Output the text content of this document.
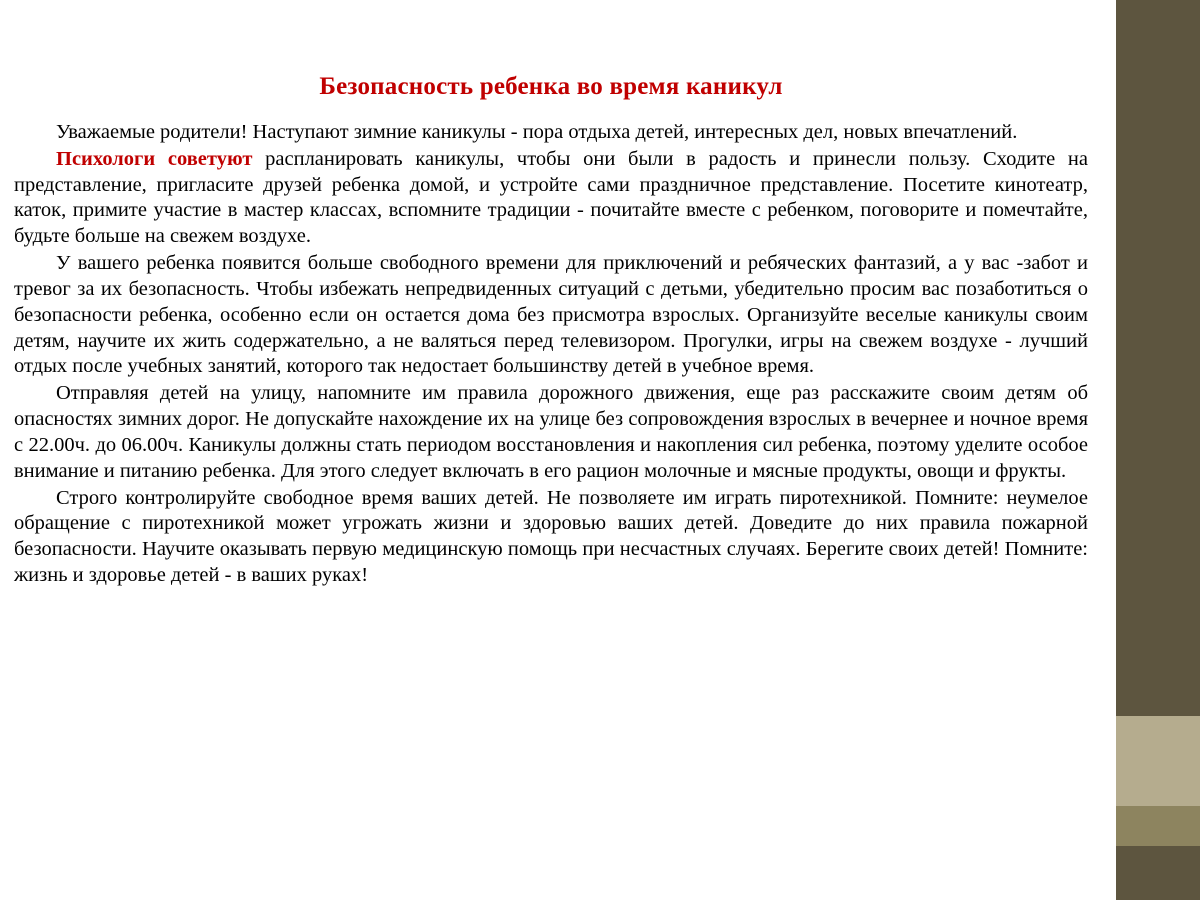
Безопасность ребенка во время каникул

Уважаемые родители! Наступают зимние каникулы - пора отдыха детей, интересных дел, новых впечатлений.

Психологи советуют распланировать каникулы, чтобы они были в радость и принесли пользу. Сходите на представление, пригласите друзей ребенка домой, и устройте сами праздничное представление. Посетите кинотеатр, каток, примите участие в мастер классах, вспомните традиции - почитайте вместе с ребенком, поговорите и помечтайте, будьте больше на свежем воздухе.

У вашего ребенка появится больше свободного времени для приключений и ребяческих фантазий, а у вас -забот и тревог за их безопасность. Чтобы избежать непредвиденных ситуаций с детьми, убедительно просим вас позаботиться о безопасности ребенка, особенно если он остается дома без присмотра взрослых. Организуйте веселые каникулы своим детям, научите их жить содержательно, а не валяться перед телевизором. Прогулки, игры на свежем воздухе - лучший отдых после учебных занятий, которого так недостает большинству детей в учебное время.

Отправляя детей на улицу, напомните им правила дорожного движения, еще раз расскажите своим детям об опасностях зимних дорог. Не допускайте нахождение их на улице без сопровождения взрослых в вечернее и ночное время с 22.00ч. до 06.00ч. Каникулы должны стать периодом восстановления и накопления сил ребенка, поэтому уделите особое внимание и питанию ребенка. Для этого следует включать в его рацион молочные и мясные продукты, овощи и фрукты.

Строго контролируйте свободное время ваших детей. Не позволяете им играть пиротехникой. Помните: неумелое обращение с пиротехникой может угрожать жизни и здоровью ваших детей. Доведите до них правила пожарной безопасности. Научите оказывать первую медицинскую помощь при несчастных случаях. Берегите своих детей! Помните: жизнь и здоровье детей - в ваших руках!
